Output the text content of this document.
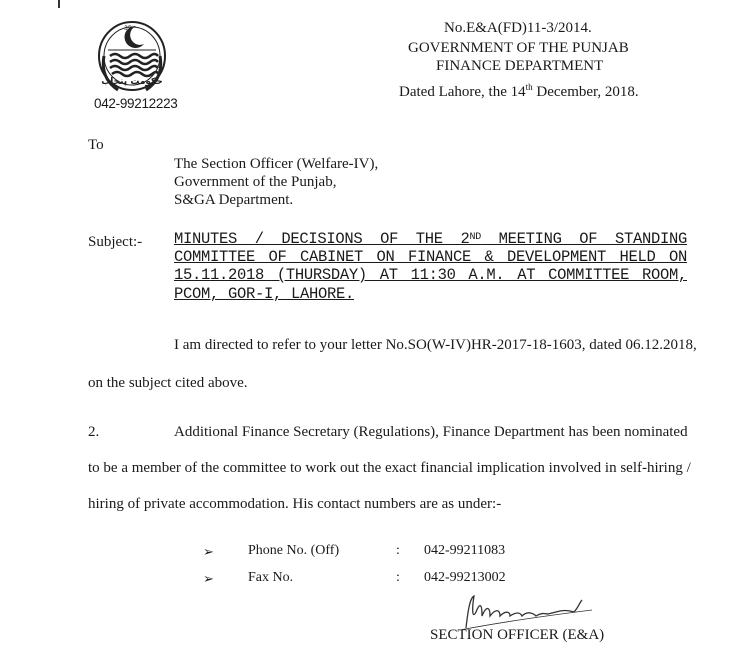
35
حکومتِ پنجاب
042-99212223
No.E&A(FD)11-3/2014.
GOVERNMENT OF THE PUNJAB
FINANCE DEPARTMENT
Dated Lahore, the 14th December, 2018.
To
The Section Officer (Welfare-IV),
Government of the Punjab,
S&GA Department.
Subject:- MINUTES / DECISIONS OF THE 2ND MEETING OF STANDING
COMMITTEE OF CABINET ON FINANCE & DEVELOPMENT HELD ON
15.11.2018 (THURSDAY) AT 11:30 A.M. AT COMMITTEE ROOM,
PCOM, GOR-I, LAHORE.
I am directed to refer to your letter No.SO(W-IV)HR-2017-18-1603, dated 06.12.2018,
on the subject cited above.
2.	Additional Finance Secretary (Regulations), Finance Department has been nominated
to be a member of the committee to work out the exact financial implication involved in self-hiring /
hiring of private accommodation. His contact numbers are as under:-
➢ Phone No. (Off)	: 042-99211083
➢ Fax No.	: 042-99213002
SECTION OFFICER (E&A)
